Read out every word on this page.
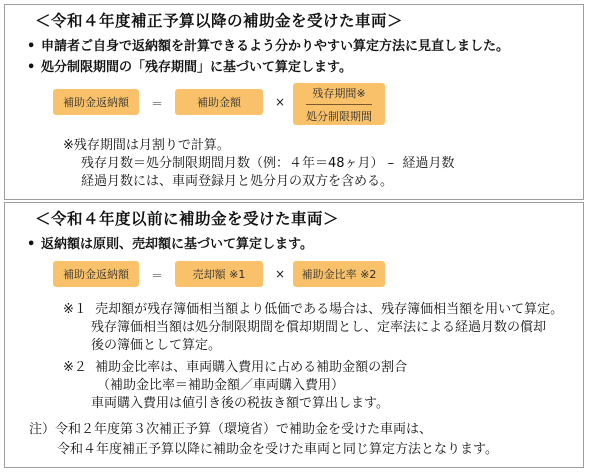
＜令和４年度補正予算以降の補助金を受けた車両＞
• 申請者ご自身で返納額を計算できるよう分かりやすい算定方法に見直しました。
• 処分制限期間の「残存期間」に基づいて算定します。
補助金返納額	＝	補助金額	×
残存期間※
処分制限期間
※残存期間は月割りで計算。
残存月数＝処分制限期間月数（例：４年＝48ヶ月） –  経過月数
経過月数には、車両登録月と処分月の双方を含める。
＜令和４年度以前に補助金を受けた車両＞
• 返納額は原則、売却額に基づいて算定します。
補助金返納額	＝	売却額 ※1	×	補助金比率 ※2
※１  売却額が残存簿価相当額より低価である場合は、残存簿価相当額を用いて算定。
残存簿価相当額は処分制限期間を償却期間とし、定率法による経過月数の償却
後の簿価として算定。
※２  補助金比率は、車両購入費用に占める補助金額の割合
（補助金比率＝補助金額／車両購入費用）
車両購入費用は値引き後の税抜き額で算出します。
注）令和２年度第３次補正予算（環境省）で補助金を受けた車両は、
令和４年度補正予算以降に補助金を受けた車両と同じ算定方法となります。
